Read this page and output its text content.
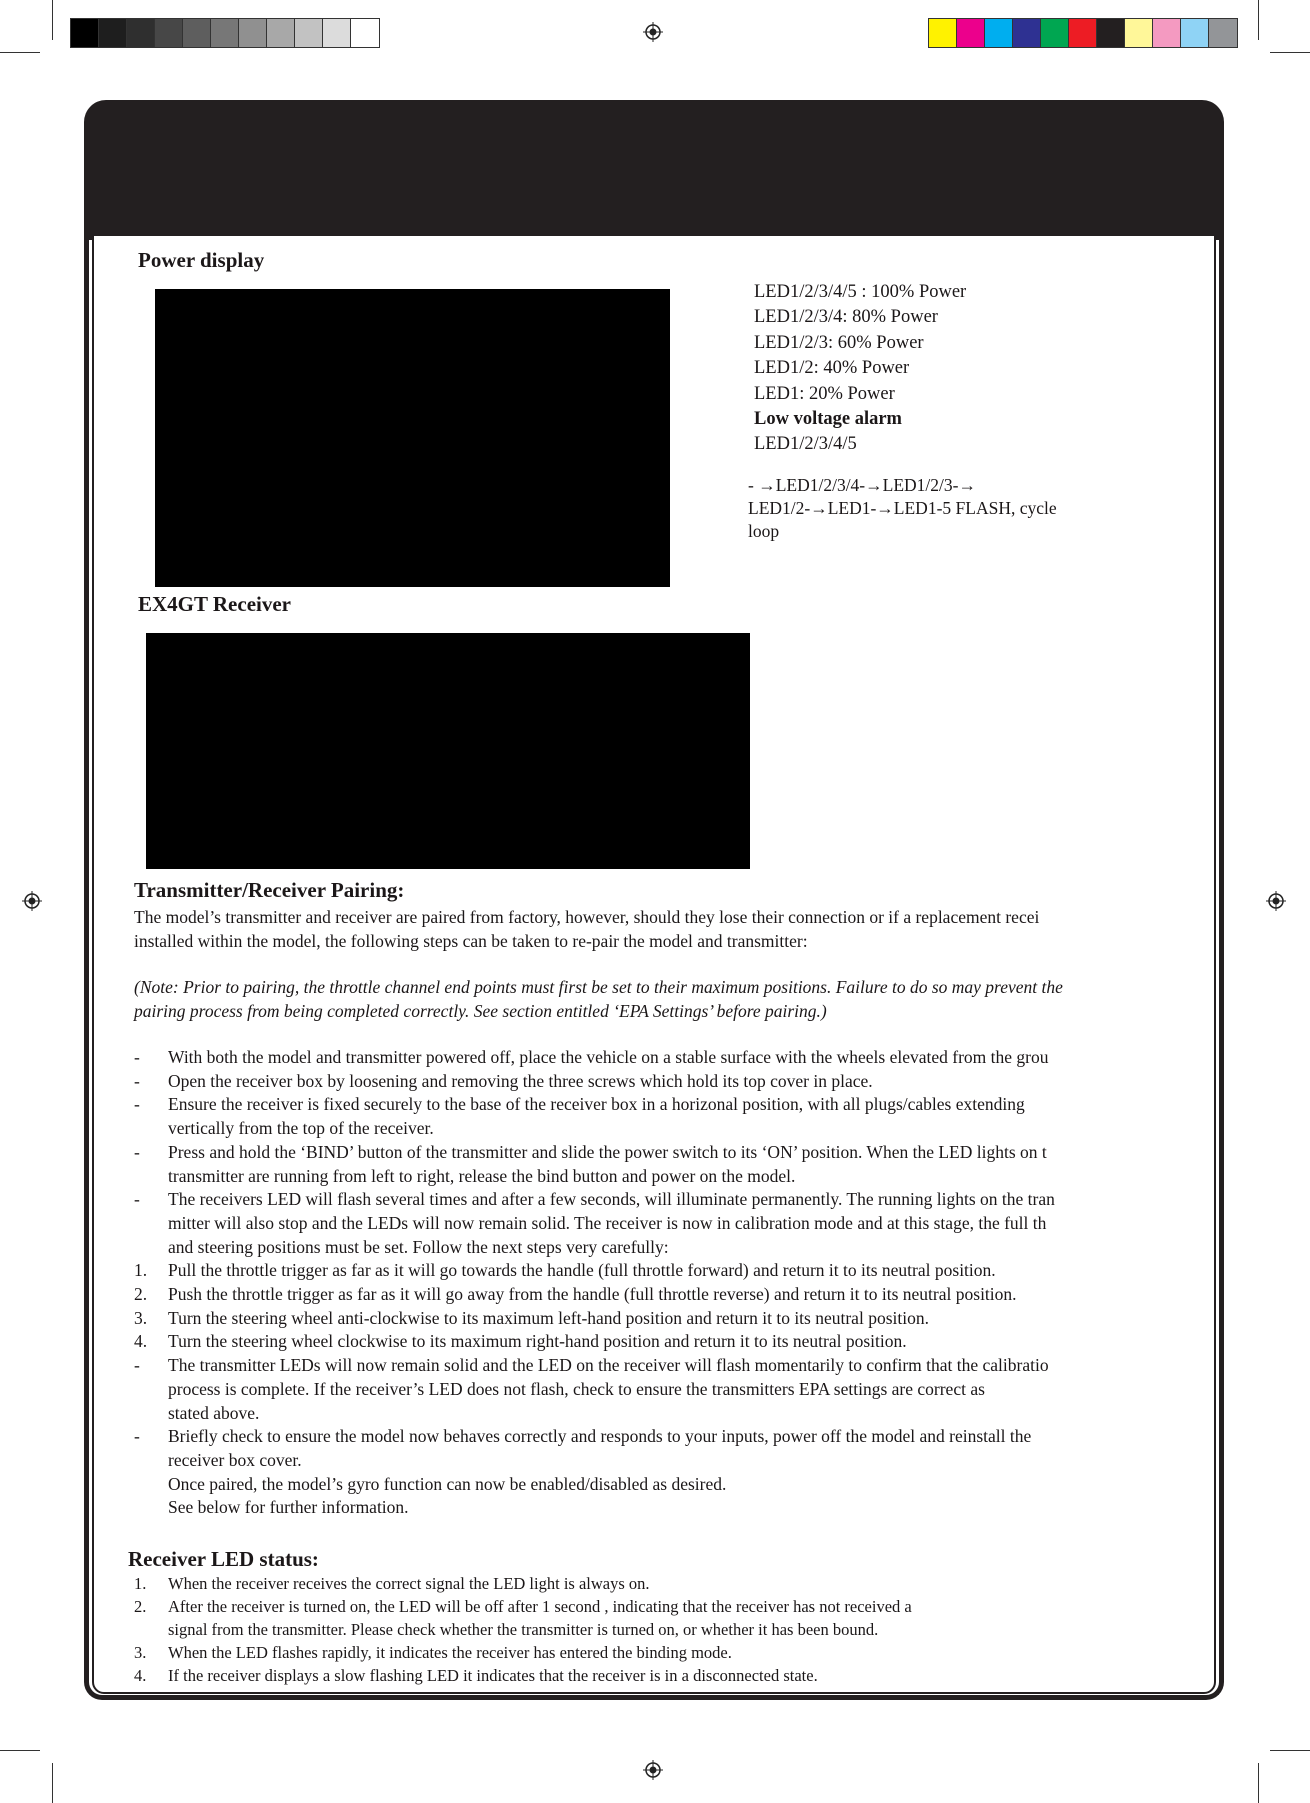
Power display
LED1/2/3/4/5 : 100% Power
LED1/2/3/4: 80% Power
LED1/2/3: 60% Power
LED1/2: 40% Power
LED1: 20% Power
Low voltage alarm
LED1/2/3/4/5
- →LED1/2/3/4-→LED1/2/3-→
LED1/2-→LED1-→LED1-5 FLASH, cycle
loop
EX4GT Receiver
Transmitter/Receiver Pairing:
The model’s transmitter and receiver are paired from factory, however, should they lose their connection or if a replacement recei
installed within the model, the following steps can be taken to re-pair the model and transmitter:
(Note: Prior to pairing, the throttle channel end points must first be set to their maximum positions. Failure to do so may prevent the
pairing process from being completed correctly. See section entitled ‘EPA Settings’ before pairing.)
- With both the model and transmitter powered off, place the vehicle on a stable surface with the wheels elevated from the grou
- Open the receiver box by loosening and removing the three screws which hold its top cover in place.
- Ensure the receiver is fixed securely to the base of the receiver box in a horizonal position, with all plugs/cables extending
vertically from the top of the receiver.
- Press and hold the ‘BIND’ button of the transmitter and slide the power switch to its ‘ON’ position. When the LED lights on t
transmitter are running from left to right, release the bind button and power on the model.
- The receivers LED will flash several times and after a few seconds, will illuminate permanently. The running lights on the tran
mitter will also stop and the LEDs will now remain solid. The receiver is now in calibration mode and at this stage, the full th
and steering positions must be set. Follow the next steps very carefully:
1. Pull the throttle trigger as far as it will go towards the handle (full throttle forward) and return it to its neutral position.
2. Push the throttle trigger as far as it will go away from the handle (full throttle reverse) and return it to its neutral position.
3. Turn the steering wheel anti-clockwise to its maximum left-hand position and return it to its neutral position.
4. Turn the steering wheel clockwise to its maximum right-hand position and return it to its neutral position.
- The transmitter LEDs will now remain solid and the LED on the receiver will flash momentarily to confirm that the calibratio
process is complete. If the receiver’s LED does not flash, check to ensure the transmitters EPA settings are correct as
stated above.
- Briefly check to ensure the model now behaves correctly and responds to your inputs, power off the model and reinstall the
receiver box cover.
Once paired, the model’s gyro function can now be enabled/disabled as desired.
See below for further information.
Receiver LED status:
1. When the receiver receives the correct signal the LED light is always on.
2. After the receiver is turned on, the LED will be off after 1 second , indicating that the receiver has not received a
signal from the transmitter. Please check whether the transmitter is turned on, or whether it has been bound.
3. When the LED flashes rapidly, it indicates the receiver has entered the binding mode.
4. If the receiver displays a slow flashing LED it indicates that the receiver is in a disconnected state.
